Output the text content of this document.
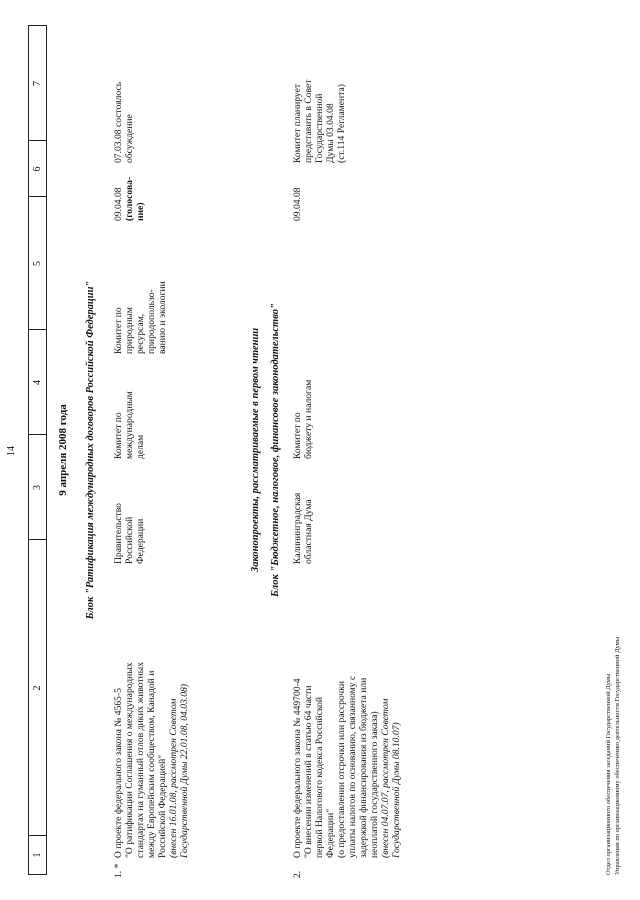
14
1
2
3
4
5
6
7
9 апреля 2008 года Блок "Ратификация международных договоров Российской Федерации"
1. *
О проекте федерального закона № 4565-5 "О ратификации Соглашения о международных стандартах на гуманный отлов диких животных между Европейским сообществом, Канадой и Российской Федерацией" (внесен 16.01.08, рассмотрен Советом Государственной Думы 22.01.08, 04.03.08)
Правительство Российской Федерации
Комитет по международным делам
Комитет по природным ресурсам, природопользо- ванию и экологии
09.04.08 (голосова- ние)
07.03.08 состоялось обсуждение
Законопроекты, рассматриваемые в первом чтении Блок "Бюджетное, налоговое, финансовое законодательство"
2.
О проекте федерального закона № 449700-4 "О внесении изменений в статью 64 части первой Налогового кодекса Российской Федерации" (о предоставлении отсрочки или рассрочки уплаты налогов по основанию, связанному с задержкой финансирования из бюджета или неоплатой государственного заказа) (внесен 04.07.07, рассмотрен Советом Государственной Думы 08.10.07)
Калининградская областная Дума
Комитет по бюджету и налогам
09.04.08
Комитет планирует представить в Совет Государственной Думы 03.04.08 (ст.114 Регламента)
Отдел организационного обеспечения заседаний Государственной Думы Управления по организационному обеспечению деятельности Государственной Думы
